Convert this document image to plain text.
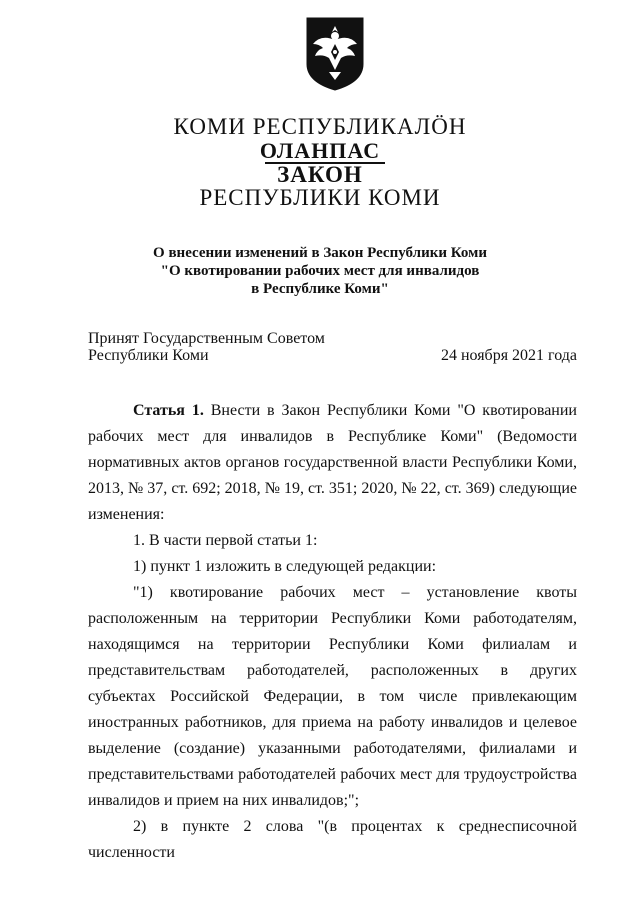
КОМИ РЕСПУБЛИКАЛӦН
ОЛАНПАС
ЗАКОН
РЕСПУБЛИКИ КОМИ
О внесении изменений в Закон Республики Коми
"О квотировании рабочих мест для инвалидов
в Республике Коми"
Принят Государственным Советом
Республики Коми	24 ноября 2021 года

Статья 1. Внести в Закон Республики Коми "О квотировании рабочих мест для инвалидов в Республике Коми" (Ведомости нормативных актов органов государственной власти Республики Коми, 2013, № 37, ст. 692; 2018, № 19, ст. 351; 2020, № 22, ст. 369) следующие изменения:

1. В части первой статьи 1:

1) пункт 1 изложить в следующей редакции:

"1) квотирование рабочих мест – установление квоты расположенным на территории Республики Коми работодателям, находящимся на территории Республики Коми филиалам и представительствам работодателей, расположенных в других субъектах Российской Федерации, в том числе привлекающим иностранных работников, для приема на работу инвалидов и целевое выделение (создание) указанными работодателями, филиалами и представительствами работодателей рабочих мест для трудоустройства инвалидов и прием на них инвалидов;";

2) в пункте 2 слова "(в процентах к среднесписочной численности
